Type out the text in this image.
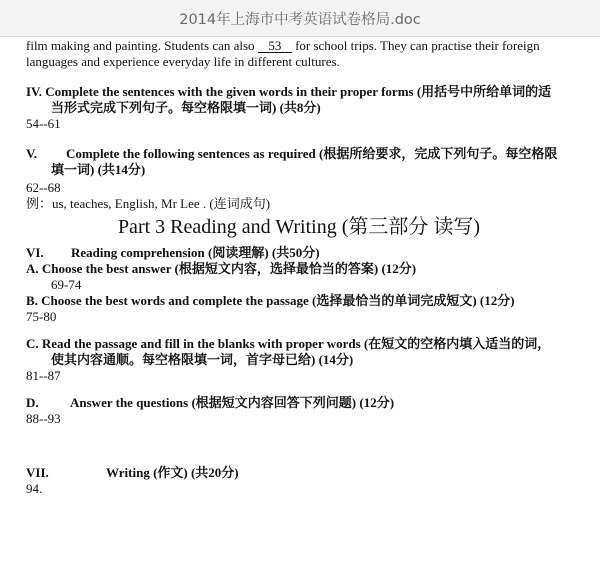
2014年上海市中考英语试卷格局.doc

film making and painting. Students can also 53 for school trips. They can practise their foreign

languages and experience everyday life in different cultures.

IV. Complete the sentences with the given words in their proper forms (用括号中所给单词的适

当形式完成下列句子。每空格限填一词) (共8分)

54--61

V. Complete the following sentences as required (根据所给要求，完成下列句子。每空格限

填一词) (共14分)

62--68

例：us, teaches, English, Mr Lee . (连词成句)

Part 3 Reading and Writing (第三部分 读写)

VI. Reading comprehension (阅读理解) (共50分)

A. Choose the best answer (根据短文内容，选择最恰当的答案) (12分)

69-74

B. Choose the best words and complete the passage (选择最恰当的单词完成短文) (12分)

75-80

C. Read the passage and fill in the blanks with proper words (在短文的空格内填入适当的词，

使其内容通顺。每空格限填一词，首字母已给) (14分)

81--87

D. Answer the questions (根据短文内容回答下列问题) (12分)

88--93

VII.	Writing (作文) (共20分)

94.
